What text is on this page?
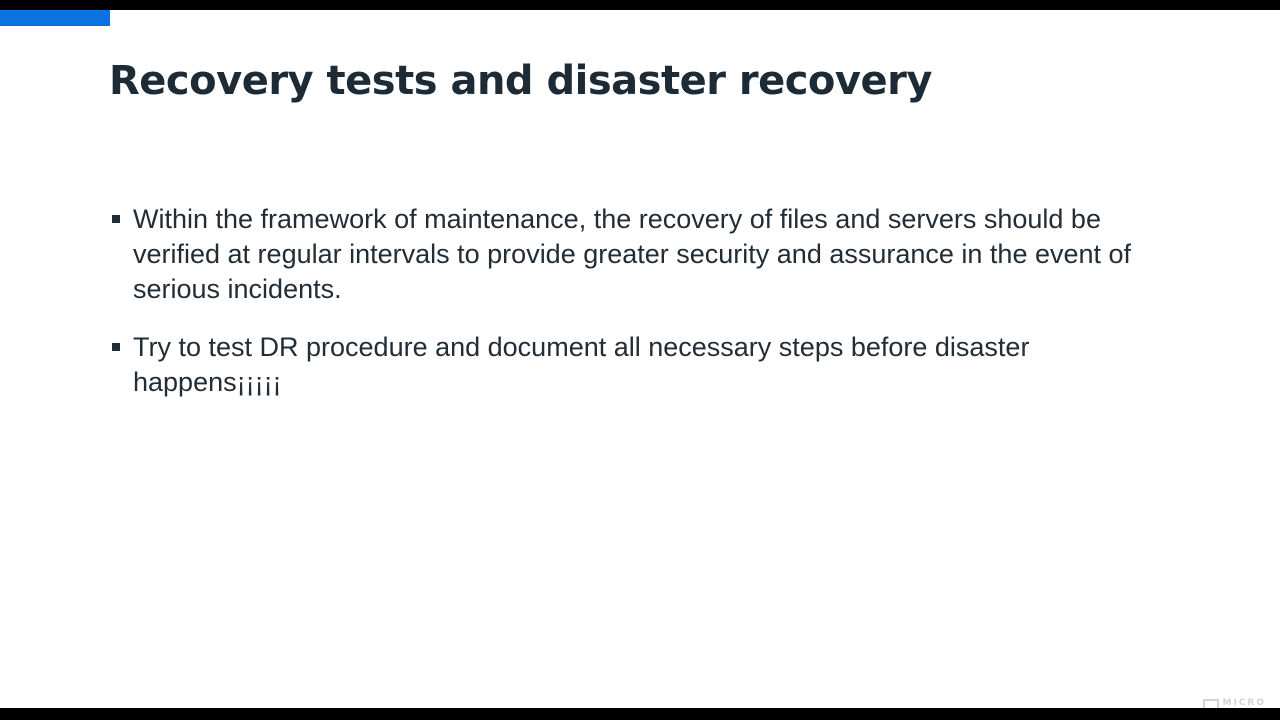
Recovery tests and disaster recovery
Within the framework of maintenance, the recovery of files and servers should be verified at regular intervals to provide greater security and assurance in the event of serious incidents.
Try to test DR procedure and document all necessary steps before disaster happens¡¡¡¡¡
MICRO
